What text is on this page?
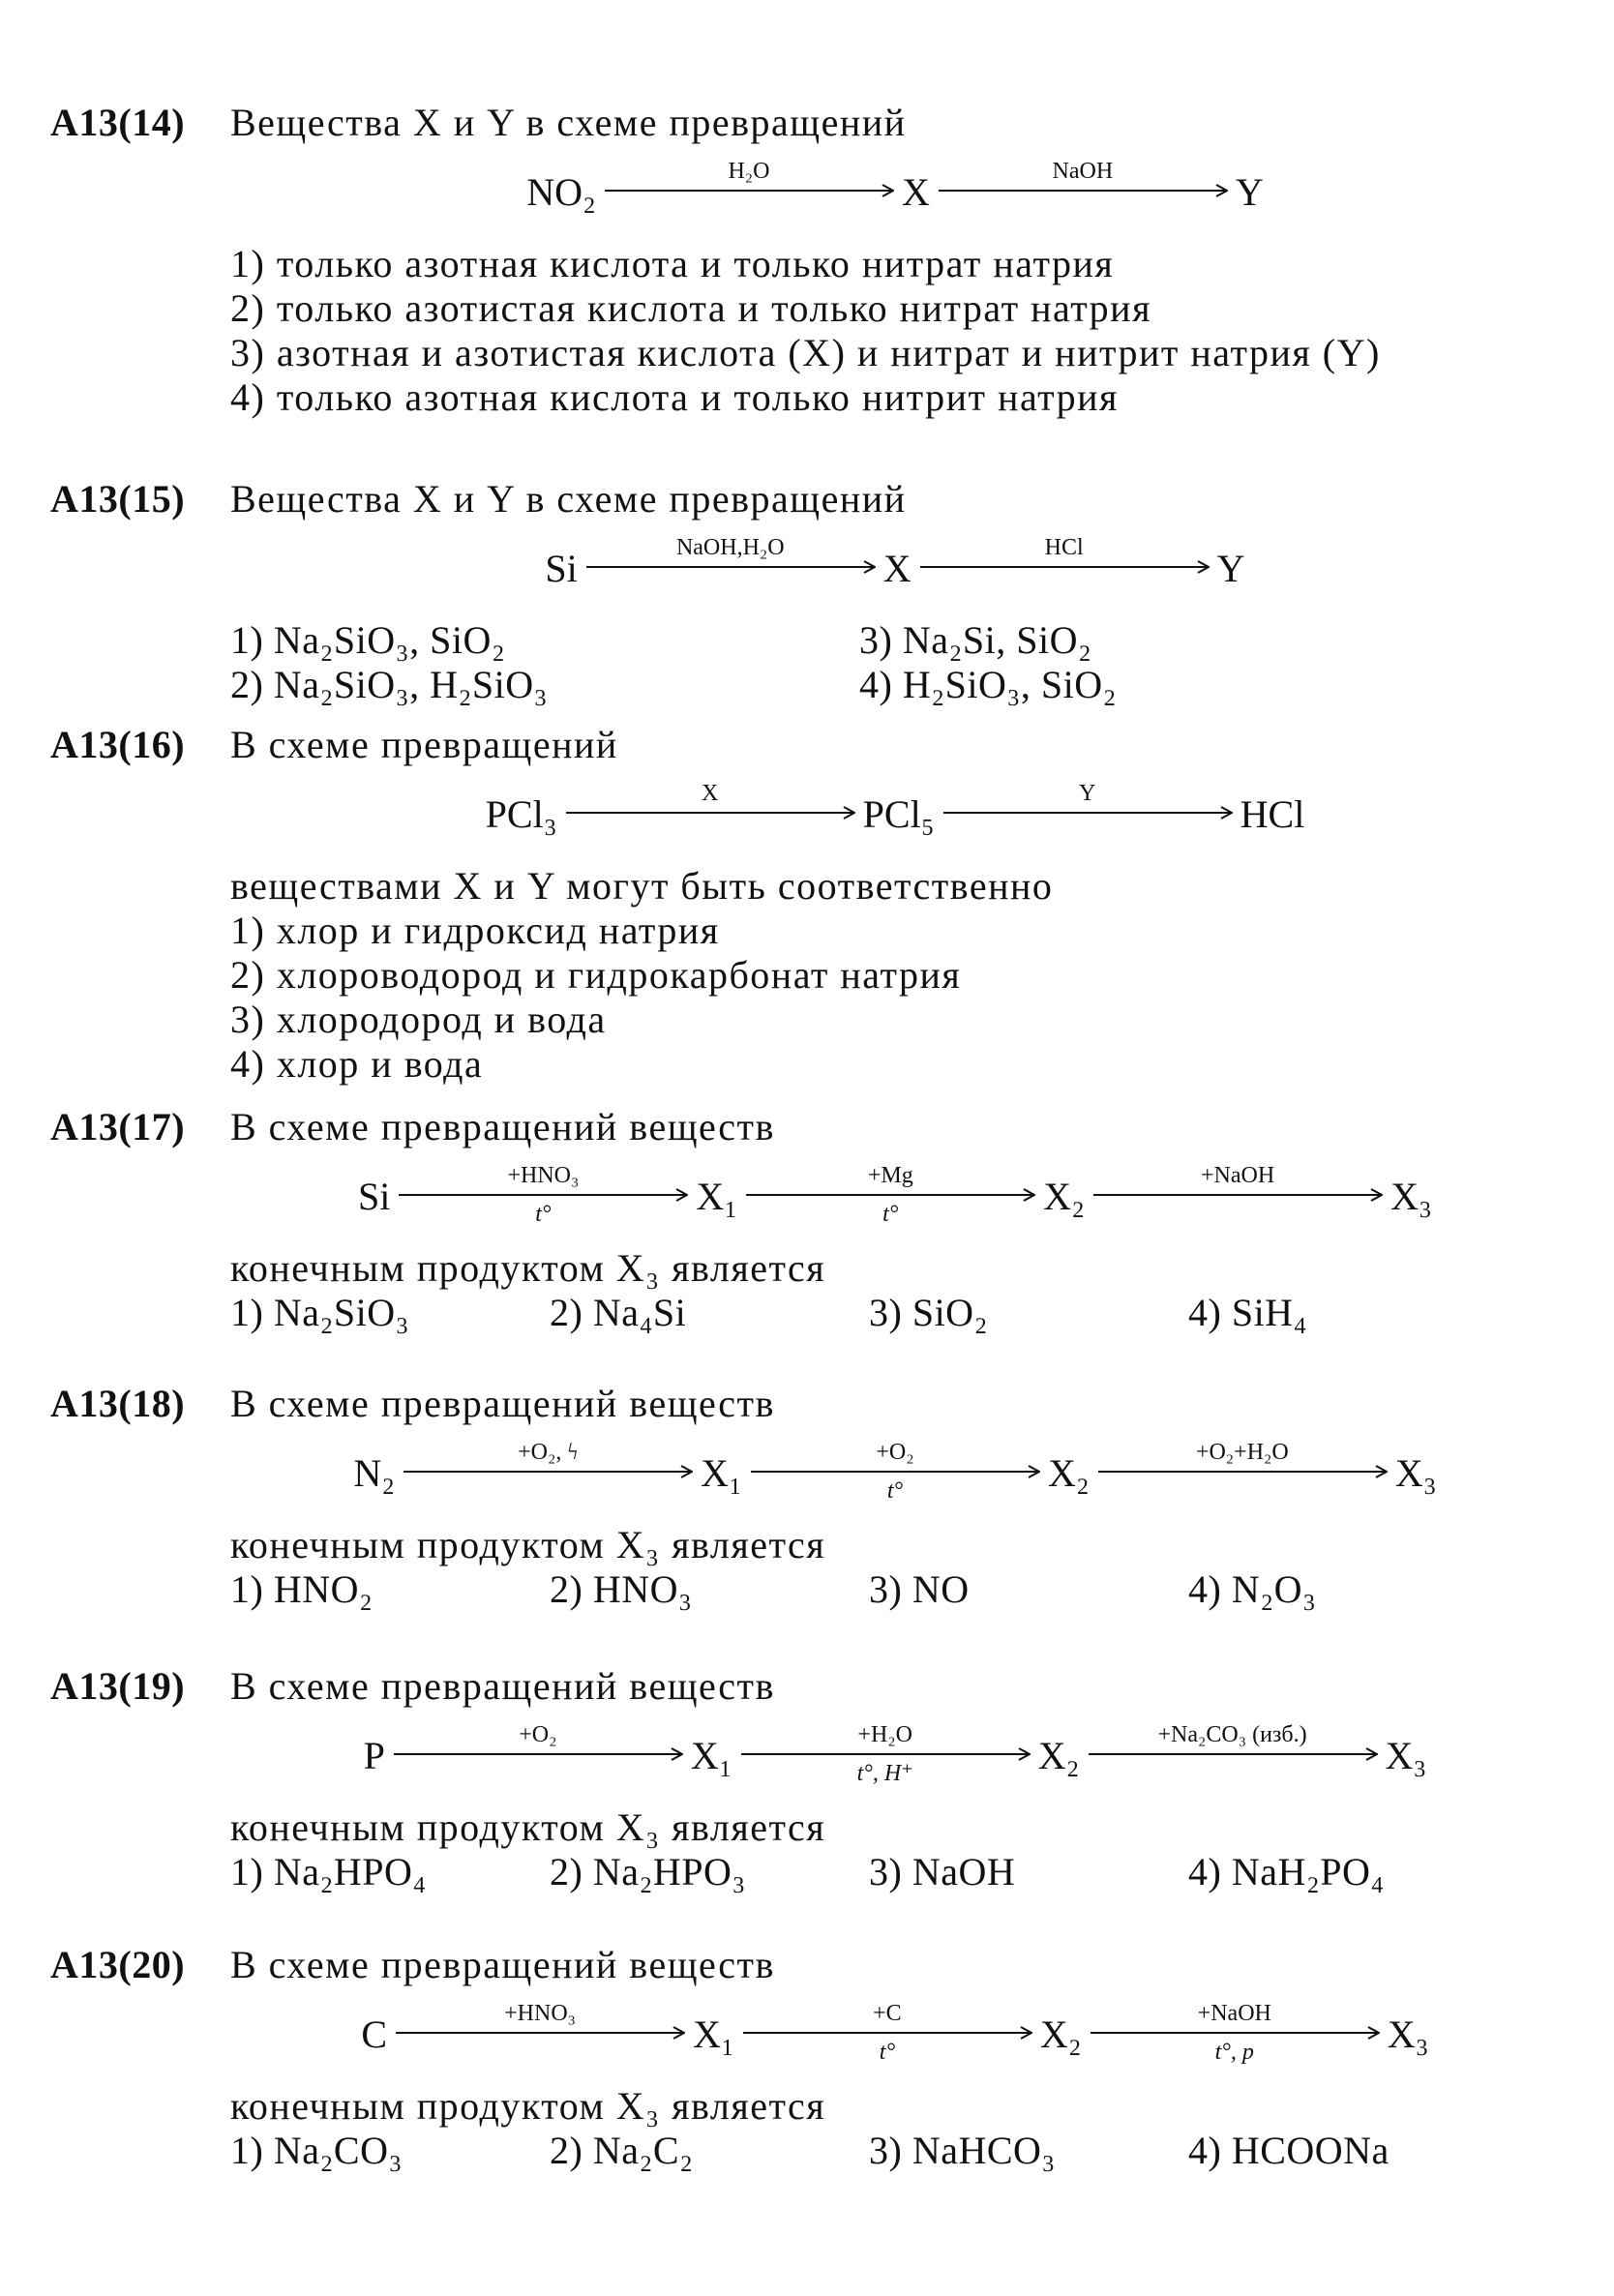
A13(14)	Вещества X и Y в схеме превращений
NO₂	H₂O	X	NaOH	Y
1) только азотная кислота и только нитрат натрия
2) только азотистая кислота и только нитрат натрия
3) азотная и азотистая кислота (X) и нитрат и нитрит натрия (Y)
4) только азотная кислота и только нитрит натрия
A13(15)	Вещества X и Y в схеме превращений
Si	NaOH,H₂O	X	HCl	Y
1) Na₂SiO₃, SiO₂	3) Na₂Si, SiO₂
2) Na₂SiO₃, H₂SiO₃	4) H₂SiO₃, SiO₂
A13(16)	В схеме превращений
PCl₃	X	PCl₅	Y	HCl
веществами X и Y могут быть соответственно
1) хлор и гидроксид натрия
2) хлороводород и гидрокарбонат натрия
3) хлородород и вода
4) хлор и вода
A13(17)	В схеме превращений веществ
Si	+HNO₃
t°	X₁	+Mg
t°	X₂	+NaOH	X₃
конечным продуктом X₃ является
1) Na₂SiO₃	2) Na₄Si	3) SiO₂	4) SiH₄
A13(18)	В схеме превращений веществ
N₂	+O₂, ϟ	X₁	+O₂
t°	X₂	+O₂+H₂O	X₃
конечным продуктом X₃ является
1) HNO₂	2) HNO₃	3) NO	4) N₂O₃
A13(19)	В схеме превращений веществ
P	+O₂	X₁	+H₂O
t°, H⁺	X₂	+Na₂CO₃ (изб.) X₃
конечным продуктом X₃ является
1) Na₂HPO₄	2) Na₂HPO₃	3) NaOH	4) NaH₂PO₄
A13(20)	В схеме превращений веществ
C	+HNO₃	X₁	+C
t°	X₂	+NaOH
t°, p	X₃
конечным продуктом X₃ является
1) Na₂CO₃	2) Na₂C₂	3) NaHCO₃	4) HCOONa
